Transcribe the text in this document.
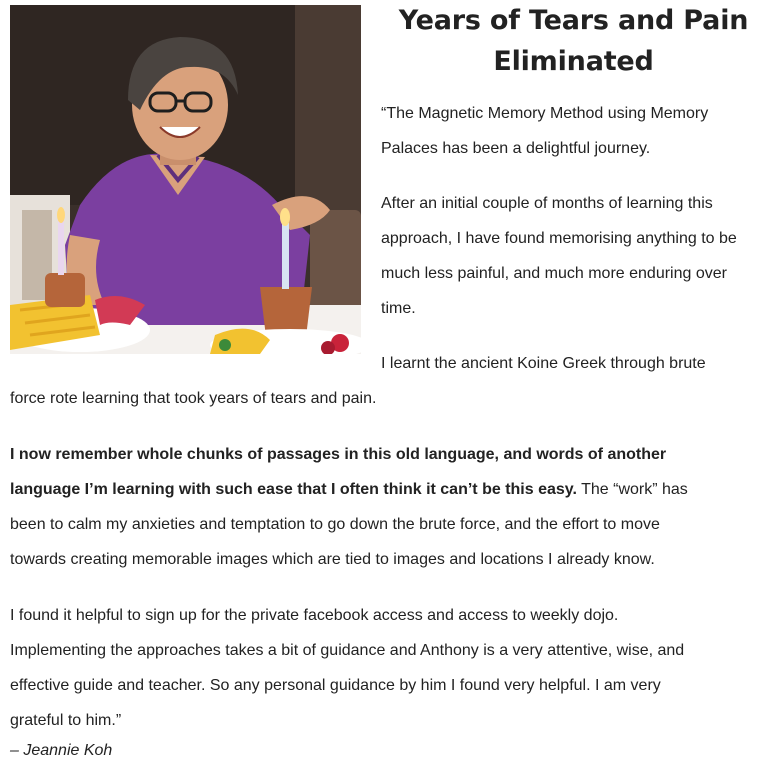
Years of Tears and Pain
Eliminated

“The Magnetic Memory Method using Memory
Palaces has been a delightful journey.

After an initial couple of months of learning this
approach, I have found memorising anything to be
much less painful, and much more enduring over
time.

I learnt the ancient Koine Greek through brute

force rote learning that took years of tears and pain.

I now remember whole chunks of passages in this old language, and words of another
language I’m learning with such ease that I often think it can’t be this easy. The “work” has
been to calm my anxieties and temptation to go down the brute force, and the effort to move
towards creating memorable images which are tied to images and locations I already know.

I found it helpful to sign up for the private facebook access and access to weekly dojo.
Implementing the approaches takes a bit of guidance and Anthony is a very attentive, wise, and
effective guide and teacher. So any personal guidance by him I found very helpful. I am very
grateful to him.”

– Jeannie Koh
